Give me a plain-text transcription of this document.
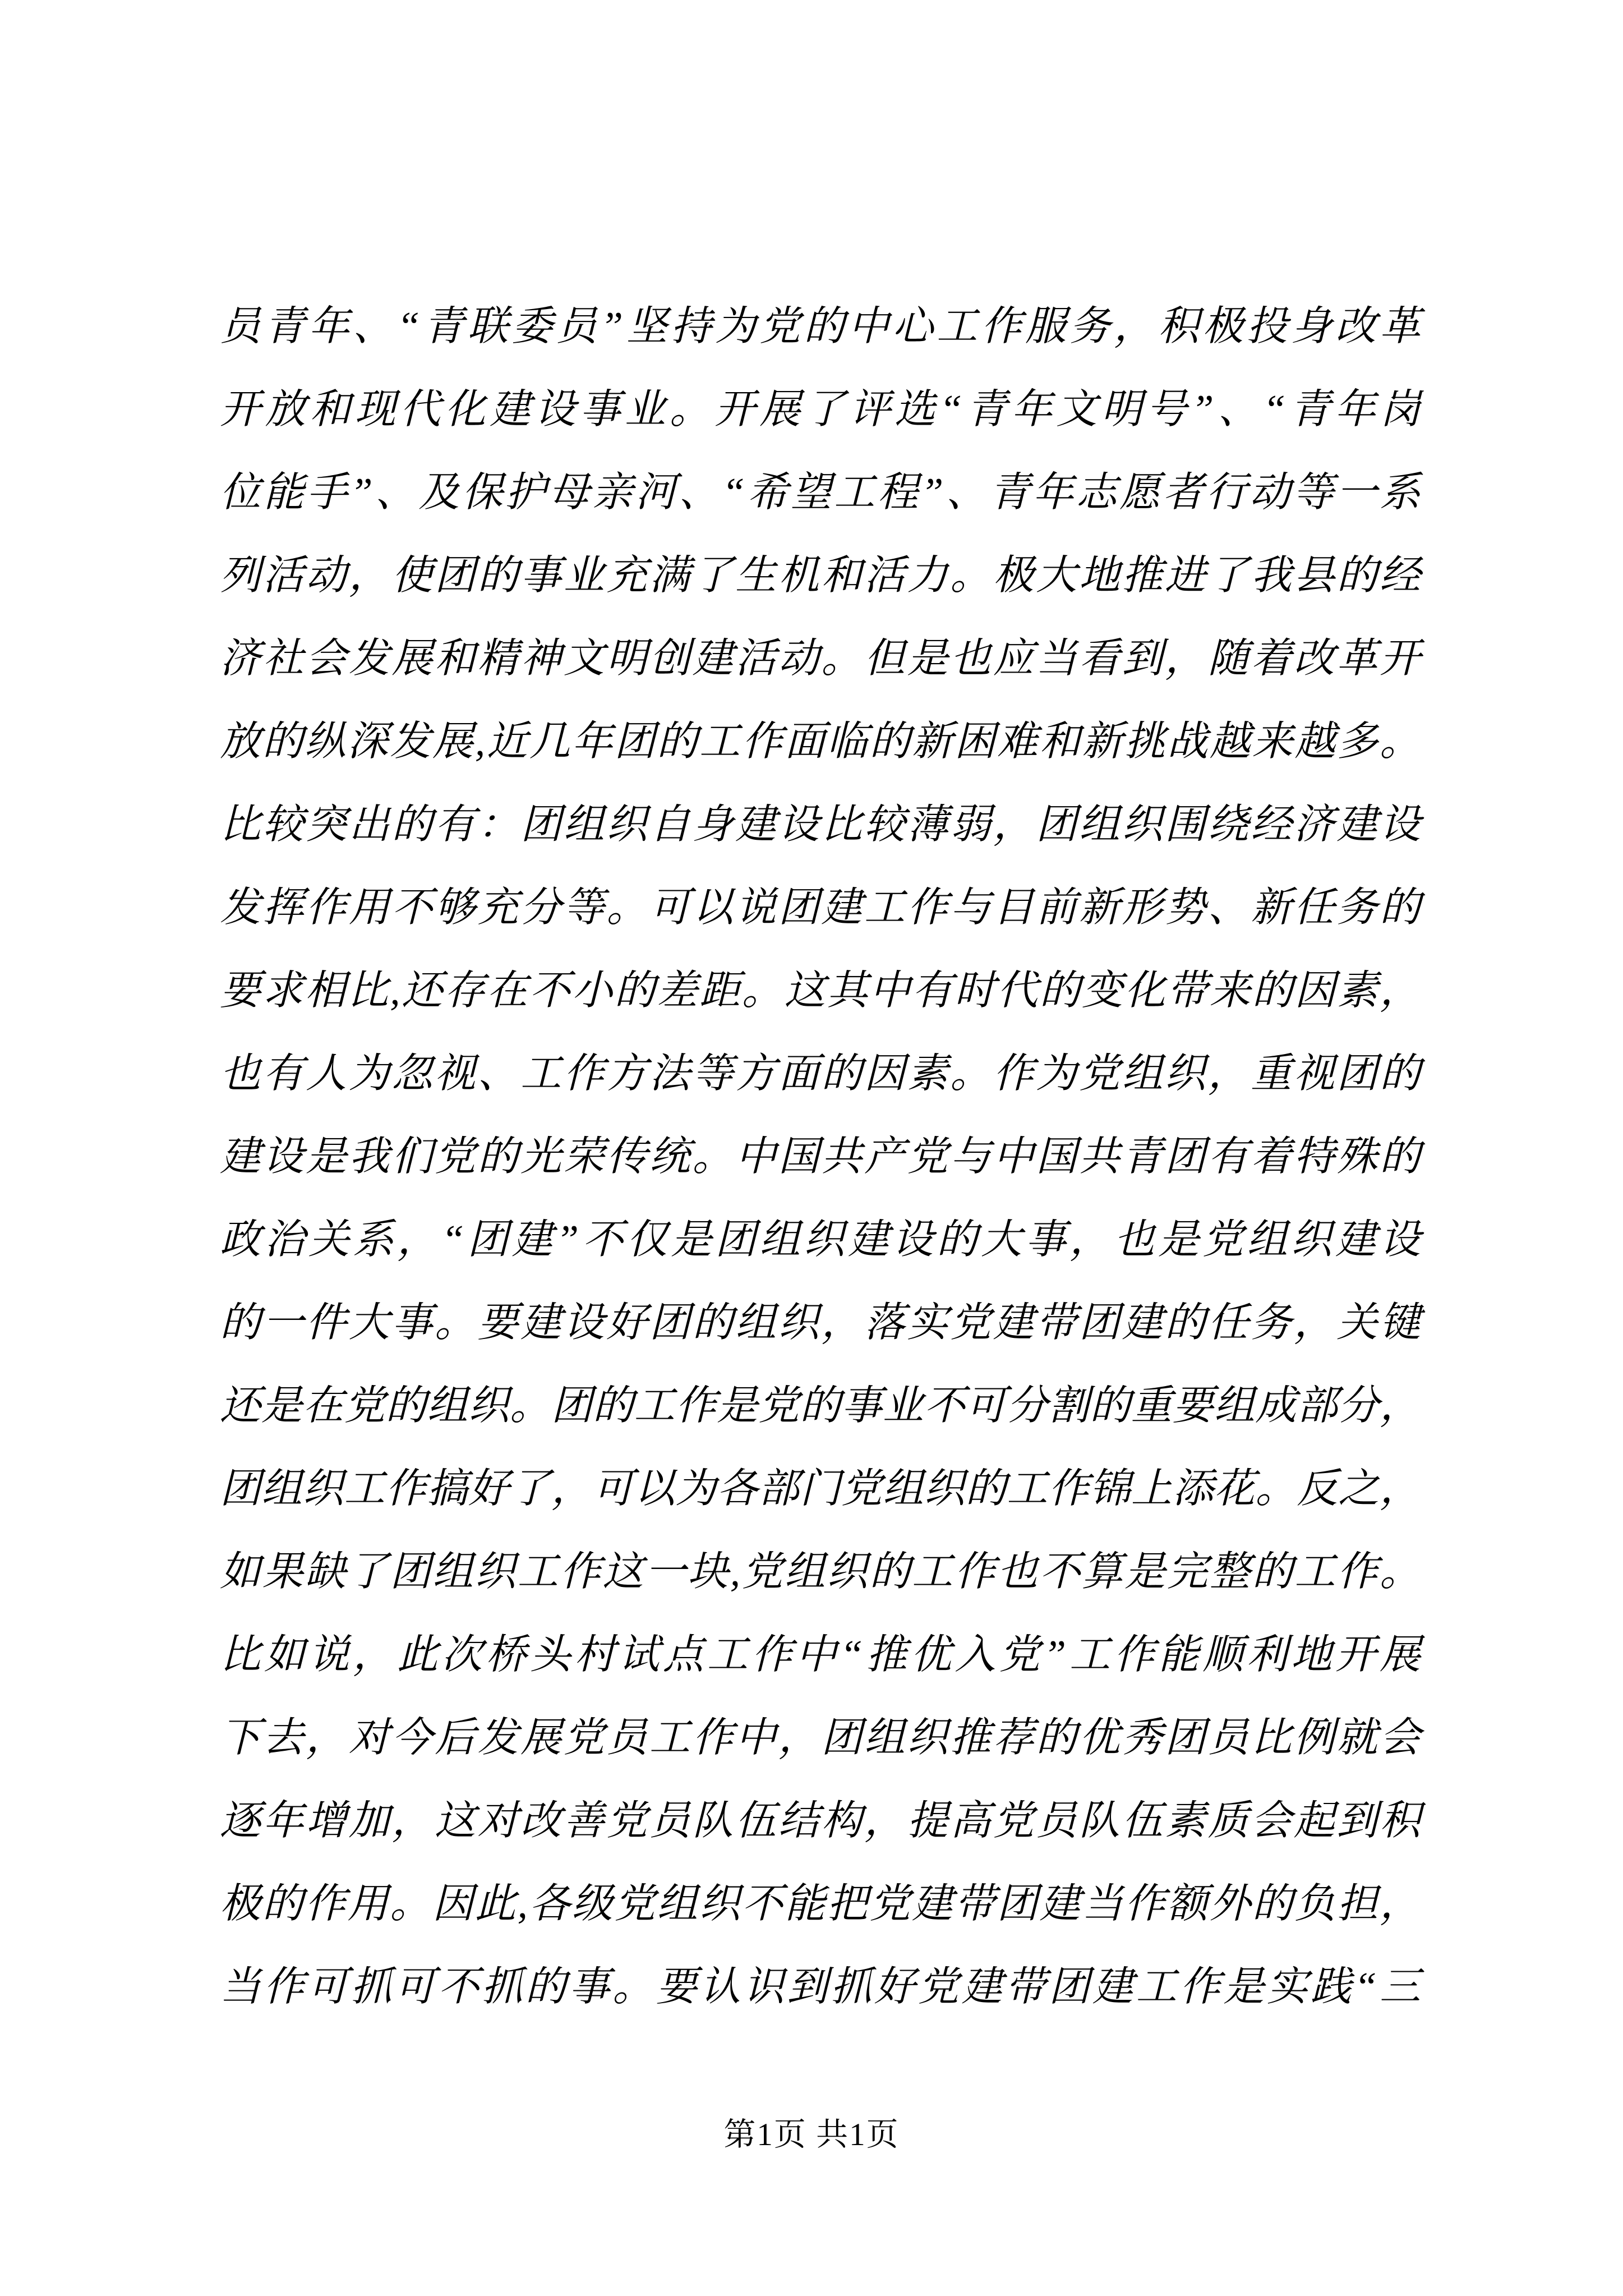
员青年、“青联委员”坚持为党的中心工作服务，积极投身改革
开放和现代化建设事业。开展了评选“青年文明号”、“青年岗
位能手”、及保护母亲河、“希望工程”、青年志愿者行动等一系
列活动，使团的事业充满了生机和活力。极大地推进了我县的经
济社会发展和精神文明创建活动。但是也应当看到，随着改革开
放的纵深发展,近几年团的工作面临的新困难和新挑战越来越多。
比较突出的有：团组织自身建设比较薄弱，团组织围绕经济建设
发挥作用不够充分等。可以说团建工作与目前新形势、新任务的
要求相比,还存在不小的差距。这其中有时代的变化带来的因素，
也有人为忽视、工作方法等方面的因素。作为党组织，重视团的
建设是我们党的光荣传统。中国共产党与中国共青团有着特殊的
政治关系，“团建”不仅是团组织建设的大事，也是党组织建设
的一件大事。要建设好团的组织，落实党建带团建的任务，关键
还是在党的组织。团的工作是党的事业不可分割的重要组成部分，
团组织工作搞好了，可以为各部门党组织的工作锦上添花。反之，
如果缺了团组织工作这一块,党组织的工作也不算是完整的工作。
比如说，此次桥头村试点工作中“推优入党”工作能顺利地开展
下去，对今后发展党员工作中，团组织推荐的优秀团员比例就会
逐年增加，这对改善党员队伍结构，提高党员队伍素质会起到积
极的作用。因此,各级党组织不能把党建带团建当作额外的负担，
当作可抓可不抓的事。要认识到抓好党建带团建工作是实践“三
第1页 共1页
